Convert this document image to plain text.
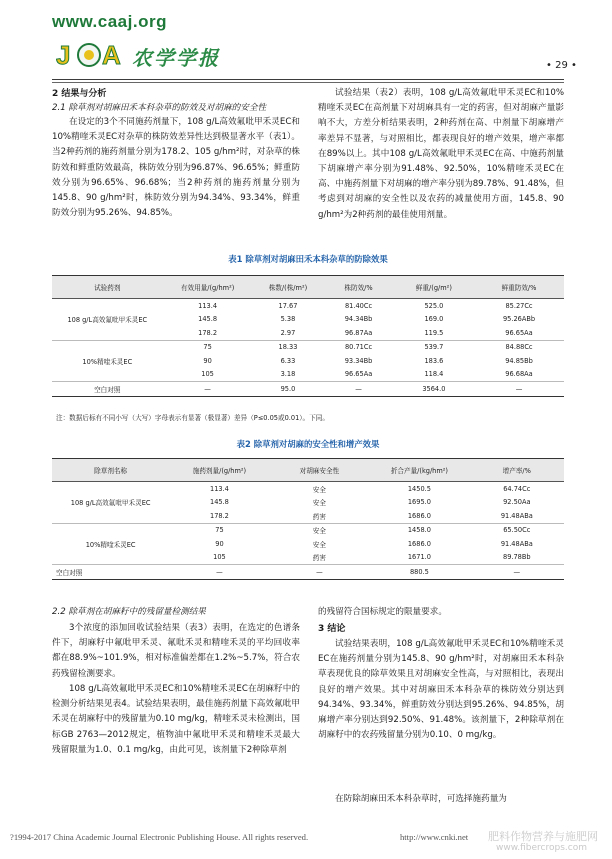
www.caaj.org
J A 农学学报	• 29 •
2 结果与分析
2.1 除草剂对胡麻田禾本科杂草的防效及对胡麻的安全性
在设定的3个不同施药剂量下，108 g/L高效氟吡甲禾灵EC和10%精喹禾灵EC对杂草的株防效差异性达到极显著水平（表1）。当2种药剂的施药剂量分别为178.2、105 g/hm²时，对杂草的株防效和鲜重防效最高，株防效分别为96.87%、96.65%；鲜重防效分别为96.65%、96.68%；当2种药剂的施药剂量分别为145.8、90 g/hm²时，株防效分别为94.34%、93.34%，鲜重防效分别为95.26%、94.85%。
试验结果（表2）表明，108 g/L高效氟吡甲禾灵EC和10%精喹禾灵EC在高剂量下对胡麻具有一定的药害，但对胡麻产量影响不大，方差分析结果表明，2种药剂在高、中剂量下胡麻增产率差异不显著，与对照相比，都表现良好的增产效果，增产率都在89%以上。其中108 g/L高效氟吡甲禾灵EC在高、中施药剂量下胡麻增产率分别为91.48%、92.50%，10%精喹禾灵EC在高、中施药剂量下对胡麻的增产率分别为89.78%、91.48%，但考虑到对胡麻的安全性以及农药的减量使用方面，145.8、90 g/hm²为2种药剂的最佳使用剂量。
表1 除草剂对胡麻田禾本科杂草的防除效果
试验药剂	有效用量/(g/hm²)	株数/(株/m²)	株防效/%	鲜重/(g/m²)	鲜重防效/%
108 g/L高效氟吡甲禾灵EC	113.4	17.67	81.40Cc	525.0	85.27Cc
	145.8	5.38	94.34Bb	169.0	95.26ABb
	178.2	2.97	96.87Aa	119.5	96.65Aa
10%精喹禾灵EC	75	18.33	80.71Cc	539.7	84.88Cc
	90	6.33	93.34Bb	183.6	94.85Bb
	105	3.18	96.65Aa	118.4	96.68Aa
空白对照	—	95.0	—	3564.0	—
注：数据后标有不同小写（大写）字母表示有显著（极显著）差异（P≤0.05或0.01）。下同。
表2 除草剂对胡麻的安全性和增产效果
除草剂名称	施药剂量/(g/hm²)	对胡麻安全性	折合产量/(kg/hm²)	增产率/%
108 g/L高效氟吡甲禾灵EC	113.4	安全	1450.5	64.74Cc
	145.8	安全	1695.0	92.50Aa
	178.2	药害	1686.0	91.48ABa
10%精喹禾灵EC	75	安全	1458.0	65.50Cc
	90	安全	1686.0	91.48ABa
	105	药害	1671.0	89.78Bb
空白对照	—	—	880.5	—
2.2 除草剂在胡麻籽中的残留量检测结果
3个浓度的添加回收试验结果（表3）表明，在选定的色谱条件下，胡麻籽中氟吡甲禾灵、氟吡禾灵和精喹禾灵的平均回收率都在88.9%~101.9%，相对标准偏差都在1.2%~5.7%，符合农药残留检测要求。
108 g/L高效氟吡甲禾灵EC和10%精喹禾灵EC在胡麻籽中的检测分析结果见表4。试验结果表明，最佳施药剂量下高效氟吡甲禾灵在胡麻籽中的残留量为0.10 mg/kg，精喹禾灵未检测出，国标GB 2763—2012规定，植物油中氟吡甲禾灵和精喹禾灵最大残留限量为1.0、0.1 mg/kg，由此可见，该剂量下2种除草剂
的残留符合国标规定的限量要求。
3 结论
试验结果表明，108 g/L高效氟吡甲禾灵EC和10%精喹禾灵EC在施药剂量分别为145.8、90 g/hm²时，对胡麻田禾本科杂草表现优良的除草效果且对胡麻安全性高，与对照相比，表现出良好的增产效果。其中对胡麻田禾本科杂草的株防效分别达到94.34%、93.34%，鲜重防效分别达到95.26%、94.85%，胡麻增产率分别达到92.50%、91.48%。该剂量下，2种除草剂在胡麻籽中的农药残留量分别为0.10、0 mg/kg。
在防除胡麻田禾本科杂草时，可选择施药量为
?1994-2017 China Academic Journal Electronic Publishing House. All rights reserved.	http://www.cnki.net 肥料作物营养与施肥网
www.fibercrops.com
